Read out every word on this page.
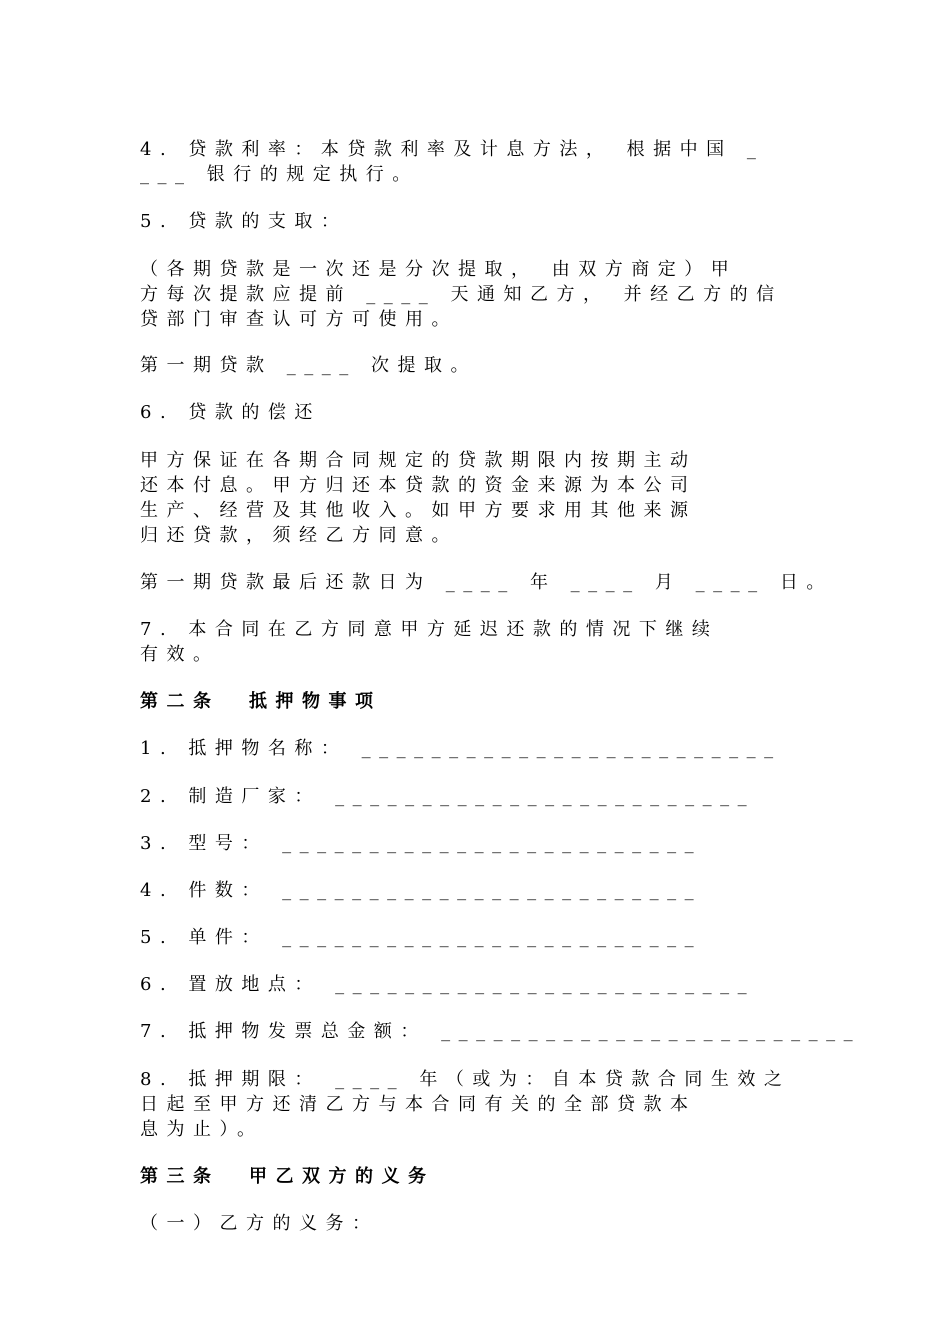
4. 贷款利率：本贷款利率及计息方法， 根据中国 _

___ 银行的规定执行。

5. 贷款的支取：

（各期贷款是一次还是分次提取， 由双方商定）甲

方每次提款应提前 ____ 天通知乙方， 并经乙方的信

贷部门审查认可方可使用。

第一期贷款 ____ 次提取。

6. 贷款的偿还

甲方保证在各期合同规定的贷款期限内按期主动

还本付息。甲方归还本贷款的资金来源为本公司

生产、经营及其他收入。如甲方要求用其他来源

归还贷款，须经乙方同意。

第一期贷款最后还款日为 ____ 年 ____ 月 ____ 日。

7. 本合同在乙方同意甲方延迟还款的情况下继续

有效。

第二条  抵押物事项

1. 抵押物名称： ________________________

2. 制造厂家： ________________________

3. 型号： ________________________

4. 件数： ________________________

5. 单件： ________________________

6. 置放地点： ________________________

7. 抵押物发票总金额： ________________________

8. 抵押期限： ____ 年（或为：自本贷款合同生效之

日起至甲方还清乙方与本合同有关的全部贷款本

息为止）。

第三条  甲乙双方的义务

（一）乙方的义务：
